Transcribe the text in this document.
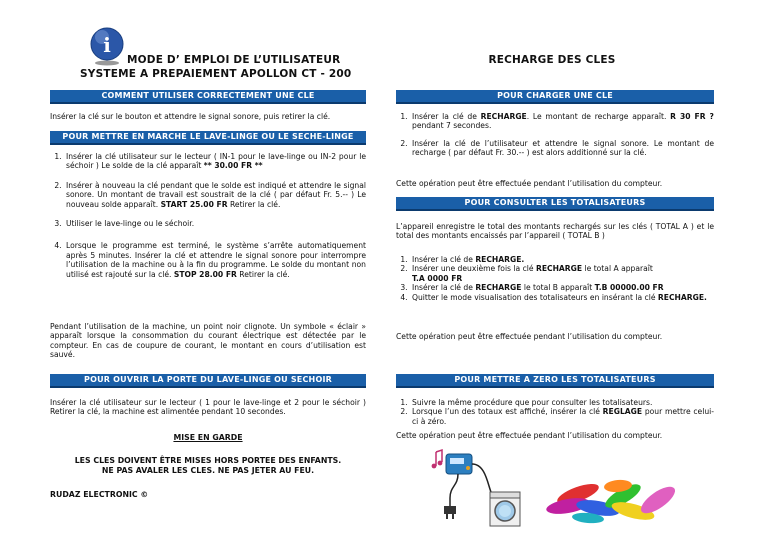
i
MODE D’ EMPLOI DE L’UTILISATEUR
SYSTEME A PREPAIEMENT APOLLON CT - 200
COMMENT UTILISER CORRECTEMENT UNE CLE
Insérer la clé sur le bouton et attendre le signal sonore, puis retirer la clé.
POUR METTRE EN MARCHE LE LAVE-LINGE OU LE SECHE-LINGE
1. Insérer la clé utilisateur sur le lecteur ( IN-1 pour le lave-linge ou IN-2 pour le séchoir ) Le solde de la clé apparaît ** 30.00 FR **
2. Insérer à nouveau la clé pendant que le solde est indiqué et attendre le signal sonore. Un montant de travail est soustrait de la clé ( par défaut Fr. 5.-- ) Le nouveau solde apparaît. START 25.00 FR Retirer la clé.
3. Utiliser le lave-linge ou le séchoir.
4. Lorsque le programme est terminé, le système s’arrête automatiquement après 5 minutes. Insérer la clé et attendre le signal sonore pour interrompre l’utilisation de la machine ou à la fin du programme. Le solde du montant non utilisé est rajouté sur la clé. STOP 28.00 FR Retirer la clé.
Pendant l’utilisation de la machine, un point noir clignote. Un symbole « éclair » apparaît lorsque la consommation du courant électrique est détectée par le compteur. En cas de coupure de courant, le montant en cours d’utilisation est sauvé.
POUR OUVRIR LA PORTE DU LAVE-LINGE OU SECHOIR
Insérer la clé utilisateur sur le lecteur ( 1 pour le lave-linge et 2 pour le séchoir ) Retirer la clé, la machine est alimentée pendant 10 secondes.
MISE EN GARDE
LES CLES DOIVENT ÊTRE MISES HORS PORTEE DES ENFANTS.
NE PAS AVALER LES CLES. NE PAS JETER AU FEU.
RUDAZ ELECTRONIC ©
RECHARGE DES CLES
POUR CHARGER UNE CLE
1. Insérer la clé de RECHARGE. Le montant de recharge apparaît. R 30 FR ? pendant 7 secondes.
2. Insérer la clé de l’utilisateur et attendre le signal sonore. Le montant de recharge ( par défaut Fr. 30.-- ) est alors additionné sur la clé.
Cette opération peut être effectuée pendant l’utilisation du compteur.
POUR CONSULTER LES TOTALISATEURS
L’appareil enregistre le total des montants rechargés sur les clés ( TOTAL A ) et le total des montants encaissés par l’appareil ( TOTAL B )
1. Insérer la clé de RECHARGE.
2. Insérer une deuxième fois la clé RECHARGE le total A apparaît
T.A 0000 FR
3. Insérer la clé de RECHARGE le total B apparaît T.B 00000.00 FR
4. Quitter le mode visualisation des totalisateurs en insérant la clé RECHARGE.
Cette opération peut être effectuée pendant l’utilisation du compteur.
POUR METTRE A ZERO LES TOTALISATEURS
1. Suivre la même procédure que pour consulter les totalisateurs.
2. Lorsque l’un des totaux est affiché, insérer la clé REGLAGE pour mettre celui-ci à zéro.
Cette opération peut être effectuée pendant l’utilisation du compteur.
